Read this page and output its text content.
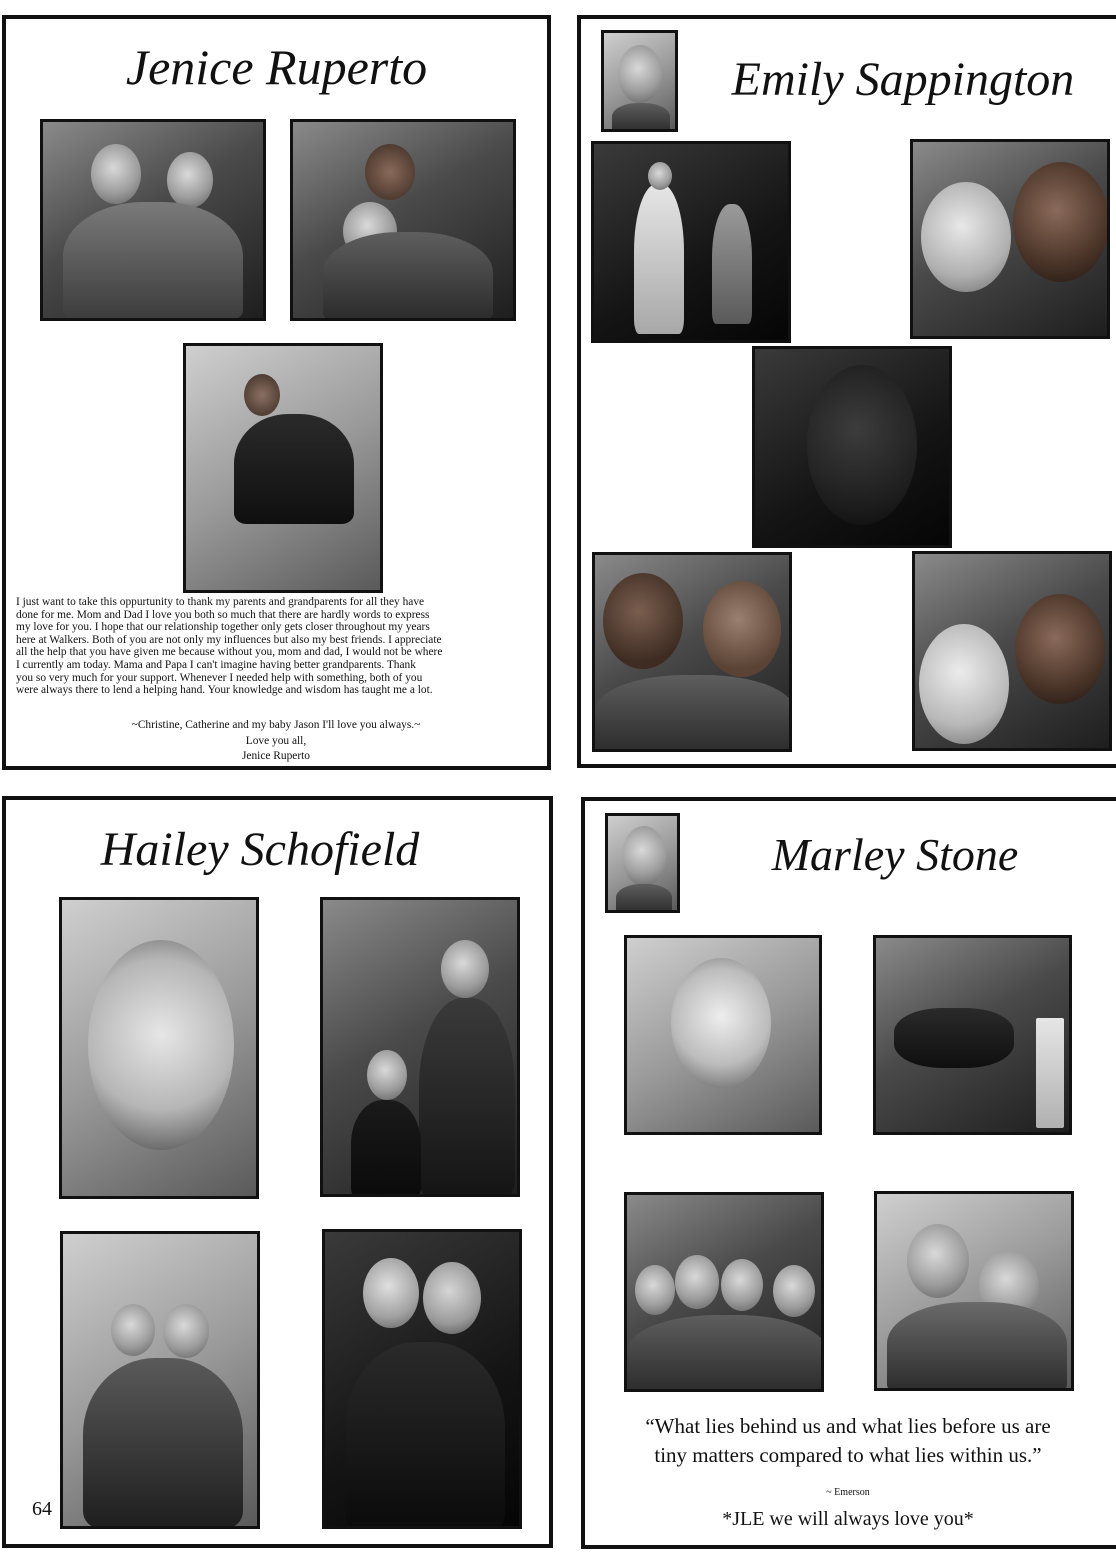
Jenice Ruperto
I just want to take this oppurtunity to thank my parents and grandparents for all they have
done for me. Mom and Dad I love you both so much that there are hardly words to express
my love for you. I hope that our relationship together only gets closer throughout my years
here at Walkers. Both of you are not only my influences but also my best friends. I appreciate
all the help that you have given me because without you, mom and dad, I would not be where
I currently am today. Mama and Papa I can't imagine having better grandparents. Thank
you so very much for your support. Whenever I needed help with something, both of you
were always there to lend a helping hand. Your knowledge and wisdom has taught me a lot.

~Christine, Catherine and my baby Jason I'll love you always.~

Love you all,

Jenice Ruperto

Emily Sappington
Hailey Schofield

64

Marley Stone
“What lies behind us and what lies before us are
tiny matters compared to what lies within us.”

~ Emerson

*JLE we will always love you*
